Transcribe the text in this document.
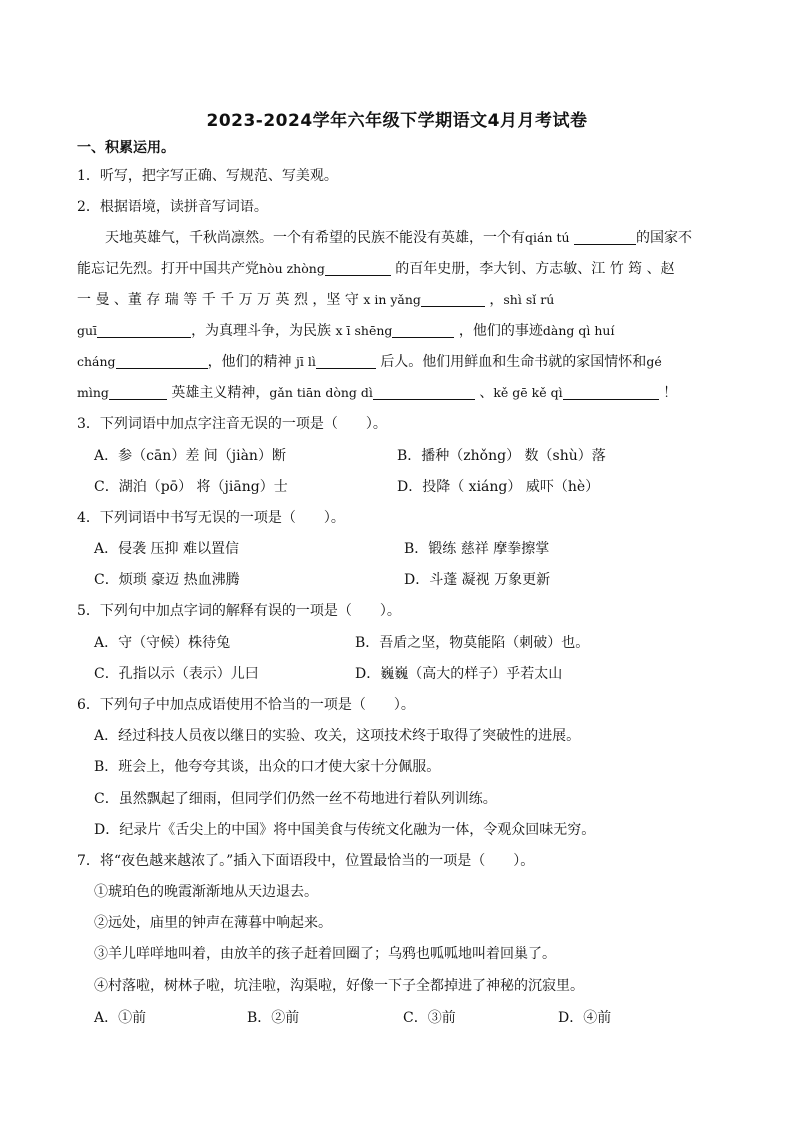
2023-2024学年六年级下学期语文4月月考试卷
一、积累运用。
1．听写，把字写正确、写规范、写美观。
2．根据语境，读拼音写词语。
天地英雄气，千秋尚凛然。一个有希望的民族不能没有英雄，一个有qián tú	的国家不
能忘记先烈。打开中国共产党hòu zhòng	的百年史册，李大钊、方志敏、江 竹 筠 、赵
一 曼 、董 存 瑞 等 千 千 万 万 英 烈 ，坚 守 x in yǎng	，shì sǐ rú
guī	，为真理斗争，为民族 x ī shēng	，他们的事迹dàng qì huí
cháng	，他们的精神 jī lì	后人。他们用鲜血和生命书就的家国情怀和gé
mìng	英雄主义精神，gǎn tiān dòng dì	、kě gē kě qì	！
3．下列词语中加点字注音无误的一项是（　　）。
A．参（cān）差 间（jiàn）断	B．播种（zhǒng） 数（shù）落
C．湖泊（pō） 将（jiāng）士	D．投降（ xiáng） 威吓（hè）
4．下列词语中书写无误的一项是（　　）。
A．侵袭 压抑 难以置信	B．锻练 慈祥 摩拳擦掌
C．烦琐 豪迈 热血沸腾	D．斗蓬 凝视 万象更新
5．下列句中加点字词的解释有误的一项是（　　）。
A．守（守候）株待兔	B．吾盾之坚，物莫能陷（刺破）也。
C．孔指以示（表示）儿曰	D．巍巍（高大的样子）乎若太山
6．下列句子中加点成语使用不恰当的一项是（　　）。
A．经过科技人员夜以继日的实验、攻关，这项技术终于取得了突破性的进展。
B．班会上，他夸夸其谈，出众的口才使大家十分佩服。
C．虽然飘起了细雨，但同学们仍然一丝不苟地进行着队列训练。
D．纪录片《舌尖上的中国》将中国美食与传统文化融为一体，令观众回味无穷。
7．将“夜色越来越浓了。”插入下面语段中，位置最恰当的一项是（　　）。
①琥珀色的晚霞渐渐地从天边退去。
②远处，庙里的钟声在薄暮中响起来。
③羊儿咩咩地叫着，由放羊的孩子赶着回圈了；乌鸦也呱呱地叫着回巢了。
④村落啦，树林子啦，坑洼啦，沟渠啦，好像一下子全都掉进了神秘的沉寂里。
A．①前	B．②前	C．③前	D．④前
